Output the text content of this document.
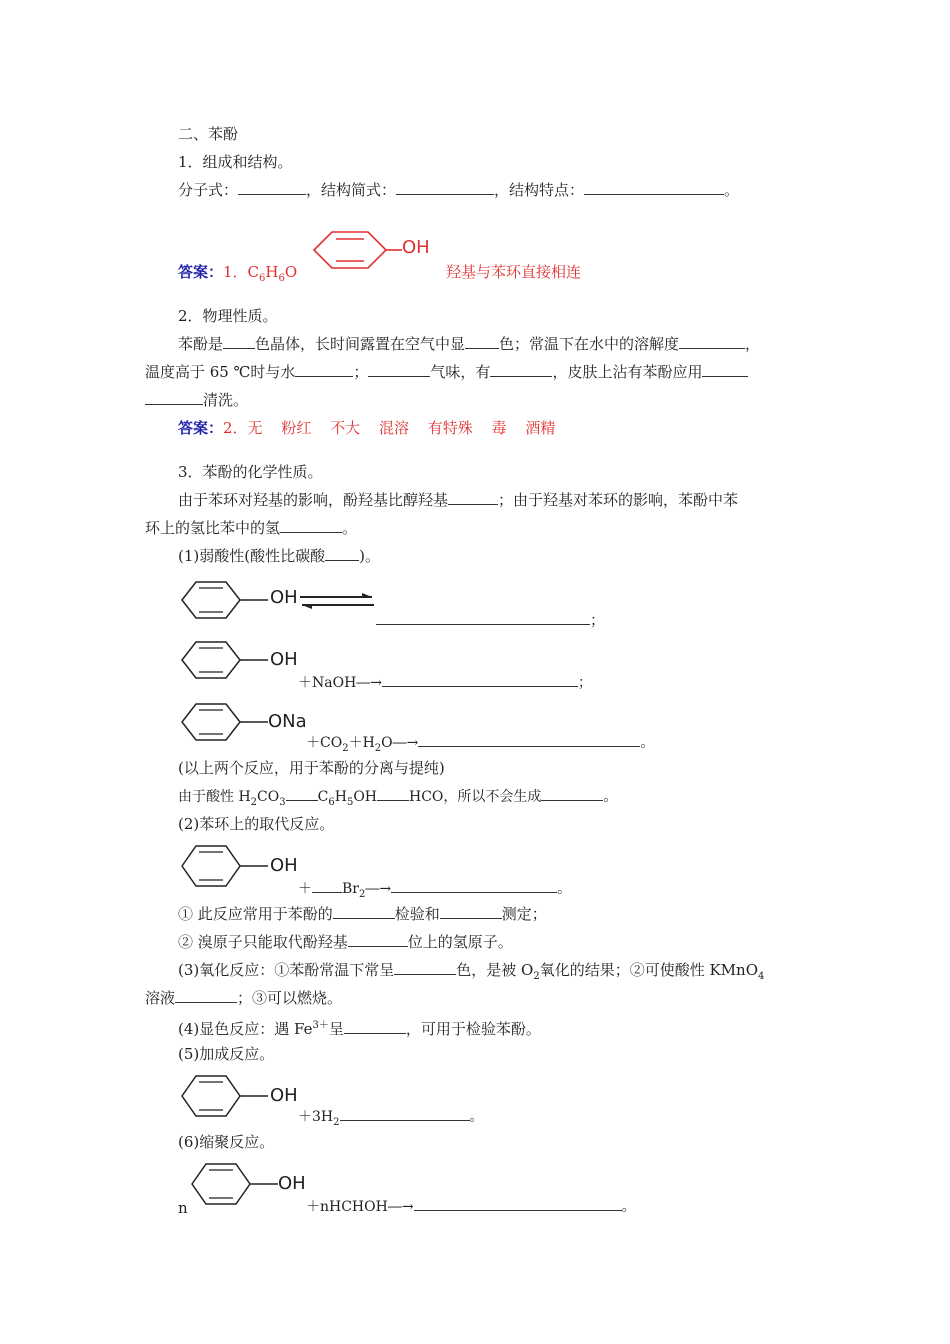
二、苯酚
1．组成和结构。
分子式：	，结构简式：	，结构特点：	。
答案：1．$C_6H_6O$
OH
羟基与苯环直接相连
2．物理性质。
苯酚是 色晶体，长时间露置在空气中显 色；常温下在水中的溶解度	，
温度高于 65 ℃时与水	；	气味，有	，皮肤上沾有苯酚应用
清洗。
答案：2．无 粉红 不大 混溶 有特殊 毒 酒精
3．苯酚的化学性质。
由于苯环对羟基的影响，酚羟基比醇羟基	；由于羟基对苯环的影响，苯酚中苯
环上的氢比苯中的氢	。
(1)弱酸性(酸性比碳酸 )。
OH
；
OH
＋NaOH―→	；
ONa
$+CO_2+H_2O―\to$	。
(以上两个反应，用于苯酚的分离与提纯)
由于酸性 $H_2CO_3$ $C_6H_5OH$ HCO，所以不会生成	。
(2)苯环上的取代反应。
OH
＋ $Br_2―\to$	。
① 此反应常用于苯酚的	检验和	测定；
② 溴原子只能取代酚羟基	位上的氢原子。
(3)氧化反应：①苯酚常温下常呈	色，是被 $O_2$氧化的结果；②可使酸性 KMnO$_4$
溶液	；③可以燃烧。
(4)显色反应：遇 $Fe^{3+}$呈	，可用于检验苯酚。
(5)加成反应。
OH
$+3H_2$	。
(6)缩聚反应。
n
OH
＋nHCHOH―→	。
